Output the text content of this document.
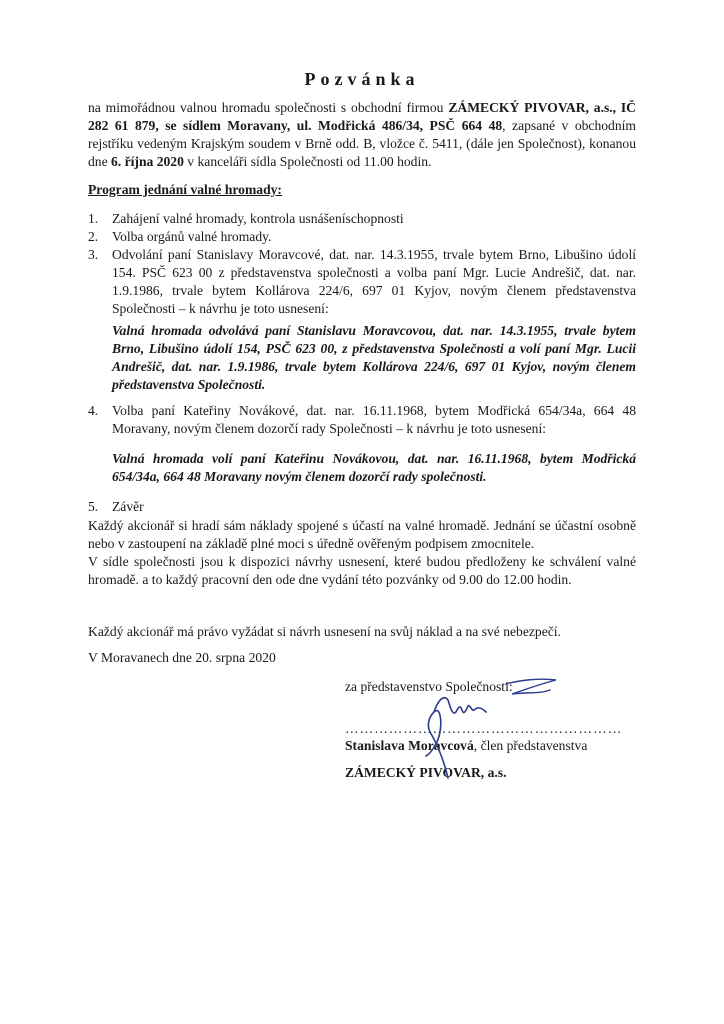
Pozvánka
na mimořádnou valnou hromadu společnosti s obchodní firmou ZÁMECKÝ PIVOVAR, a.s., IČ 282 61 879, se sídlem Moravany, ul. Modřická 486/34, PSČ 664 48, zapsané v obchodním rejstříku vedeným Krajským soudem v Brně odd. B, vložce č. 5411, (dále jen Společnost), konanou dne 6. října 2020 v kanceláři sídla Společnosti od 11.00 hodin.
Program jednání valné hromady:
1.	Zahájení valné hromady, kontrola usnášeníschopnosti
2.	Volba orgánů valné hromady.
3.	Odvolání paní Stanislavy Moravcové, dat. nar. 14.3.1955, trvale bytem Brno, Libušino údolí 154. PSČ 623 00 z představenstva společnosti a volba paní Mgr. Lucie Andrešič, dat. nar. 1.9.1986, trvale bytem Kollárova 224/6, 697 01 Kyjov, novým členem představenstva Společnosti – k návrhu je toto usnesení:
Valná hromada odvolává paní Stanislavu Moravcovou, dat. nar. 14.3.1955, trvale bytem Brno, Libušino údolí 154, PSČ 623 00, z představenstva Společnosti a volí paní Mgr. Lucii Andrešič, dat. nar. 1.9.1986, trvale bytem Kollárova 224/6, 697 01 Kyjov, novým členem představenstva Společnosti.
4.	Volba paní Kateřiny Novákové, dat. nar. 16.11.1968, bytem Modřická 654/34a, 664 48 Moravany, novým členem dozorčí rady Společnosti – k návrhu je toto usnesení:
Valná hromada volí paní Kateřinu Novákovou, dat. nar. 16.11.1968, bytem Modřická 654/34a, 664 48 Moravany novým členem dozorčí rady společnosti.
5.	Závěr
Každý akcionář si hradí sám náklady spojené s účastí na valné hromadě. Jednání se účastní osobně nebo v zastoupení na základě plné moci s úředně ověřeným podpisem zmocnitele.
V sídle společnosti jsou k dispozici návrhy usnesení, které budou předloženy ke schválení valné hromadě. a to každý pracovní den ode dne vydání této pozvánky od 9.00 do 12.00 hodin.
Každý akcionář má právo vyžádat si návrh usnesení na svůj náklad a na své nebezpečí.
V Moravanech dne 20. srpna 2020
za představenstvo Společnosti:
…………………………………………………
Stanislava Moravcová, člen představenstva
ZÁMECKÝ PIVOVAR, a.s.
